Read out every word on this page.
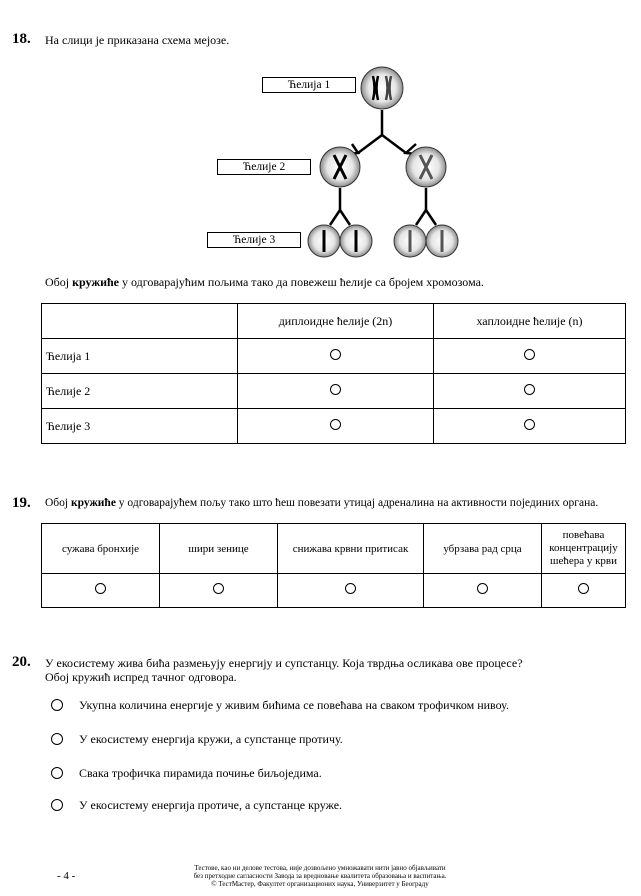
18. На слици је приказана схема мејозе.
Ћелија 1
Ћелије 2
Ћелије 3
Обој кружиће у одговарајућим пољима тако да повежеш ћелије са бројем хромозома.
	диплоидне ћелије (2n)	хаплоидне ћелије (n)
Ћелија 1		
Ћелије 2		
Ћелије 3		
19. Обој кружиће у одговарајућем пољу тако што ћеш повезати утицај адреналина на активности појединих органа.
сужава бронхије	шири зенице	снижава крвни притисак	убрзава рад срца	повећава концентрацију шећера у крви

20. У екосистему жива бића размењују енергију и супстанцу. Која тврдња осликава ове процесе?
Обој кружић испред тачног одговора.
Укупна количина енергије у живим бићима се повећава на сваком трофичком нивоу.
У екосистему енергија кружи, а супстанце протичу.
Свака трофичка пирамида почиње биљоједима.
У екосистему енергија протиче, а супстанце круже.
- 4 -
Тестове, као ни делове тестова, није дозвољено умножавати нити јавно објављивати
без претходне сагласности Завода за вредновање квалитета образовања и васпитања.
© ТестМастер, Факултет организационих наука, Универзитет у Београду
